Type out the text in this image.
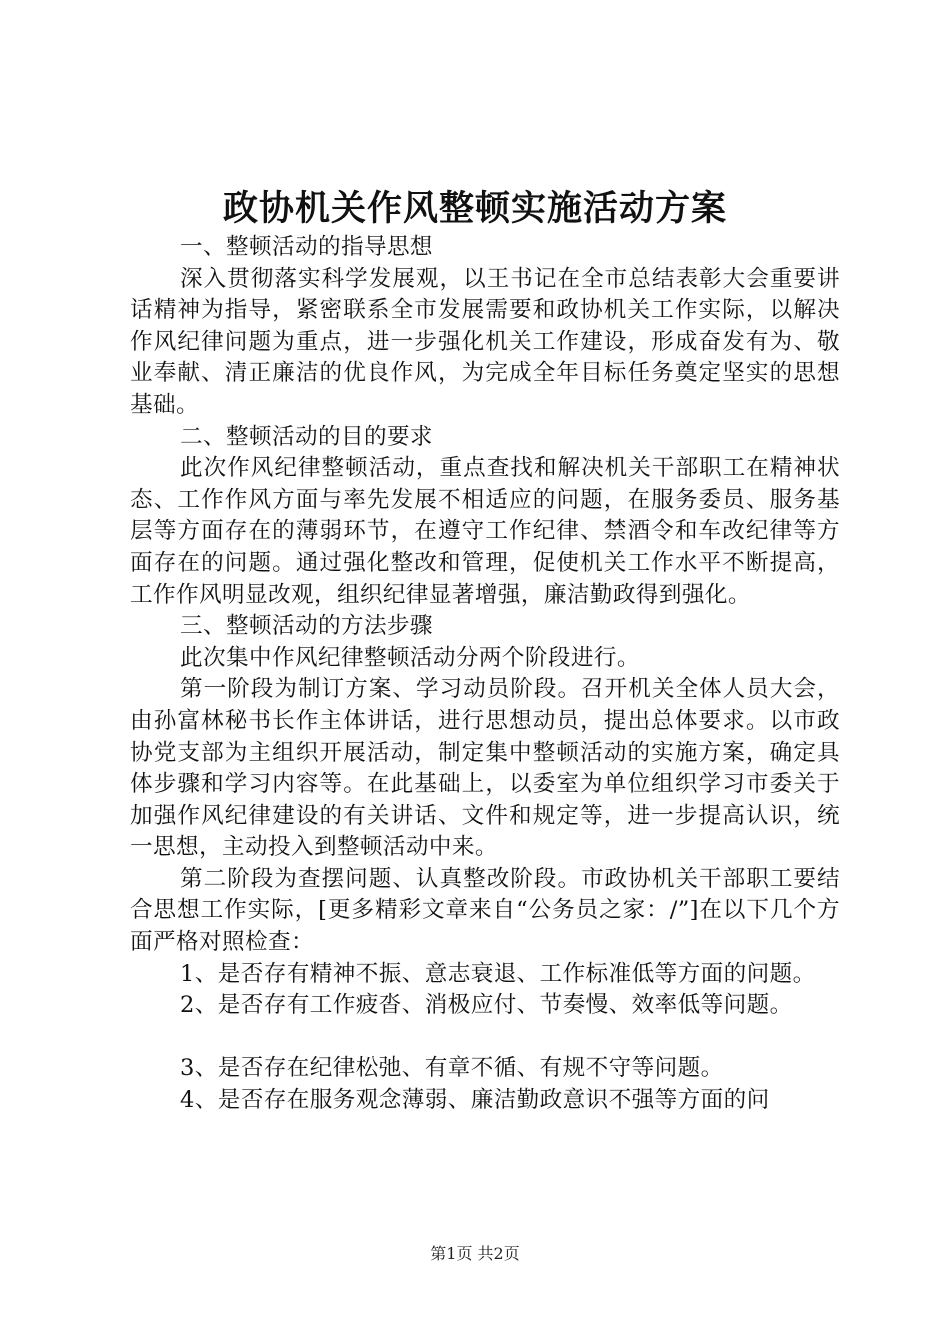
政协机关作风整顿实施活动方案

一、整顿活动的指导思想

深入贯彻落实科学发展观，以王书记在全市总结表彰大会重要讲话精神为指导，紧密联系全市发展需要和政协机关工作实际，以解决作风纪律问题为重点，进一步强化机关工作建设，形成奋发有为、敬业奉献、清正廉洁的优良作风，为完成全年目标任务奠定坚实的思想基础。

二、整顿活动的目的要求

此次作风纪律整顿活动，重点查找和解决机关干部职工在精神状态、工作作风方面与率先发展不相适应的问题，在服务委员、服务基层等方面存在的薄弱环节，在遵守工作纪律、禁酒令和车改纪律等方面存在的问题。通过强化整改和管理，促使机关工作水平不断提高，工作作风明显改观，组织纪律显著增强，廉洁勤政得到强化。

三、整顿活动的方法步骤

此次集中作风纪律整顿活动分两个阶段进行。

第一阶段为制订方案、学习动员阶段。召开机关全体人员大会，由孙富林秘书长作主体讲话，进行思想动员，提出总体要求。以市政协党支部为主组织开展活动，制定集中整顿活动的实施方案，确定具体步骤和学习内容等。在此基础上，以委室为单位组织学习市委关于加强作风纪律建设的有关讲话、文件和规定等，进一步提高认识，统一思想，主动投入到整顿活动中来。

第二阶段为查摆问题、认真整改阶段。市政协机关干部职工要结合思想工作实际，[更多精彩文章来自“公务员之家：/”]在以下几个方面严格对照检查：

1、是否存有精神不振、意志衰退、工作标准低等方面的问题。

2、是否存有工作疲沓、消极应付、节奏慢、效率低等问题。

3、是否存在纪律松弛、有章不循、有规不守等问题。

4、是否存在服务观念薄弱、廉洁勤政意识不强等方面的问

第1页 共2页
